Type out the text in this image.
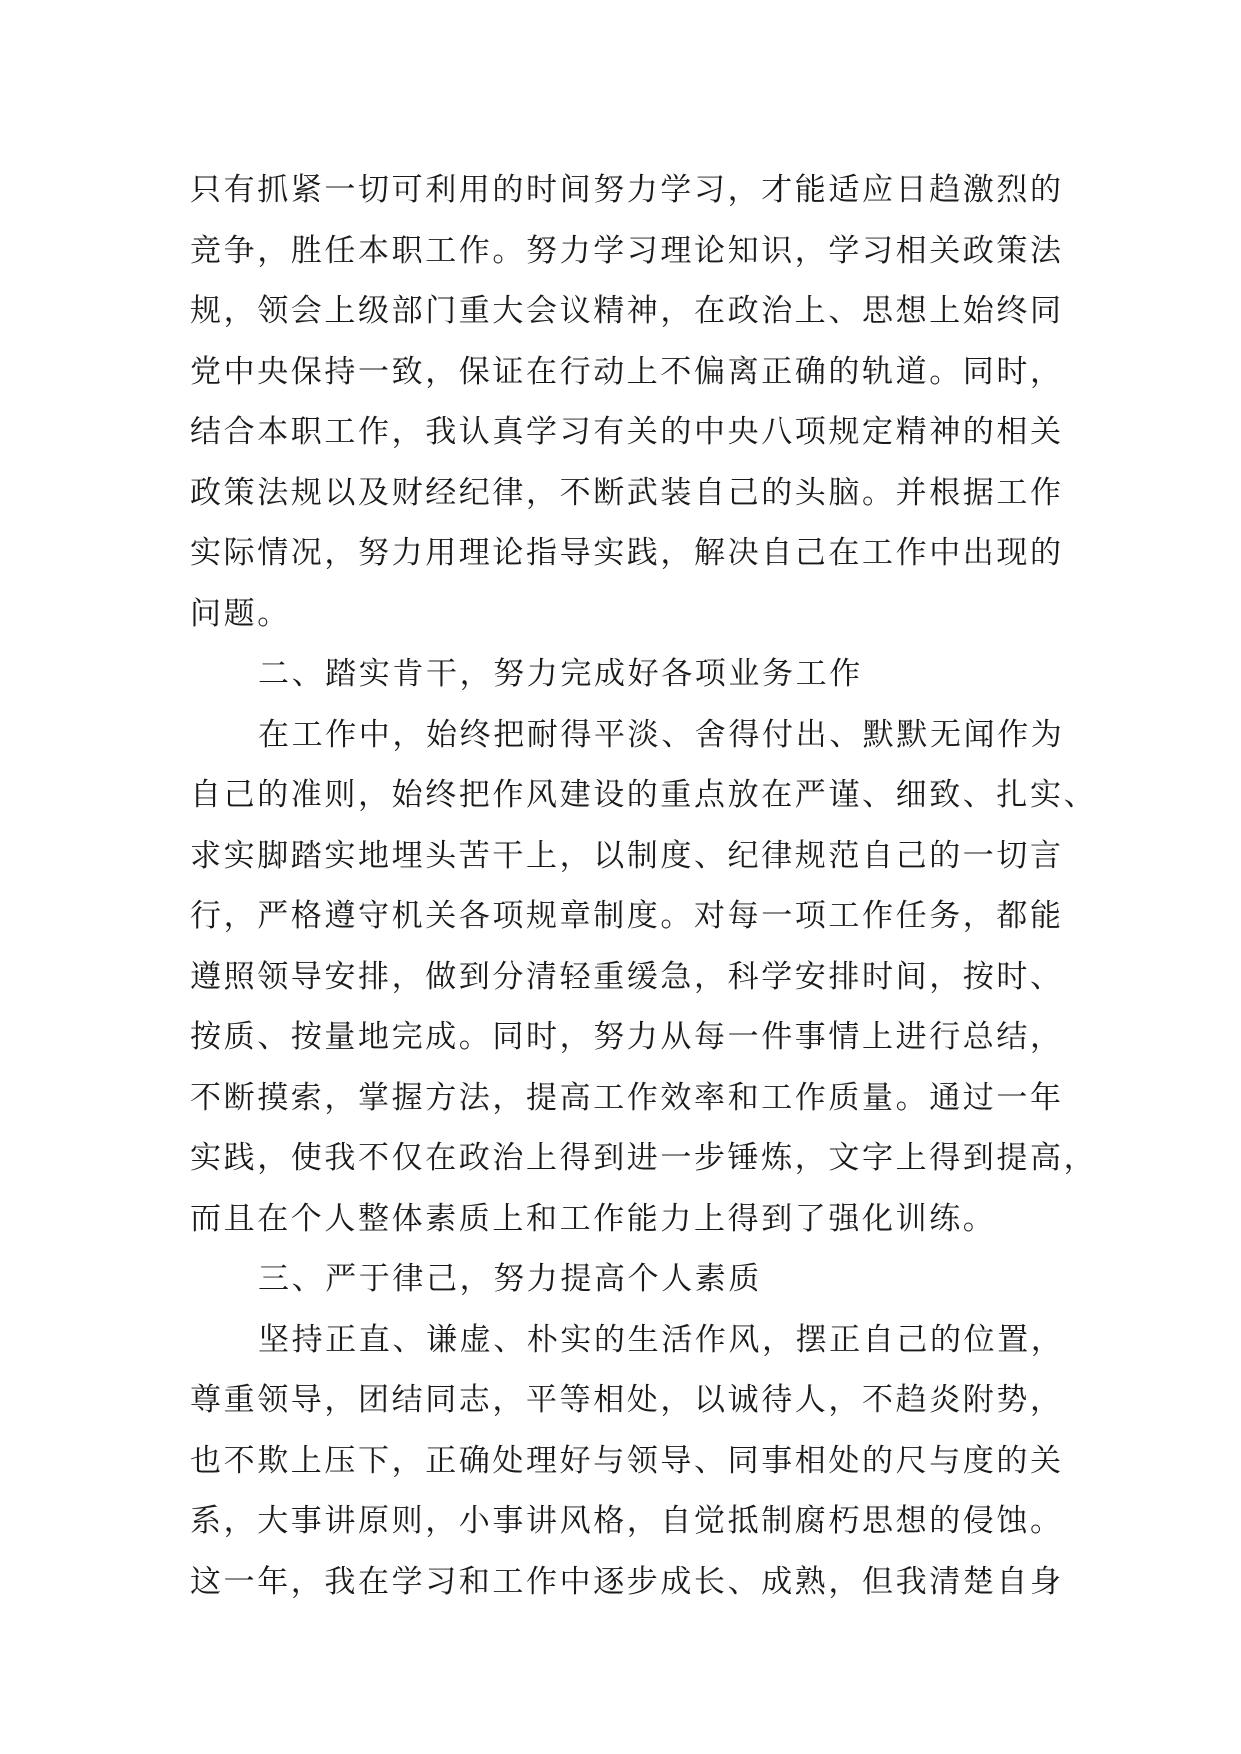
只有抓紧一切可利用的时间努力学习，才能适应日趋激烈的
竞争，胜任本职工作。努力学习理论知识，学习相关政策法
规，领会上级部门重大会议精神，在政治上、思想上始终同
党中央保持一致，保证在行动上不偏离正确的轨道。同时，
结合本职工作，我认真学习有关的中央八项规定精神的相关
政策法规以及财经纪律，不断武装自己的头脑。并根据工作
实际情况，努力用理论指导实践，解决自己在工作中出现的
问题。
二、踏实肯干，努力完成好各项业务工作
在工作中，始终把耐得平淡、舍得付出、默默无闻作为
自己的准则，始终把作风建设的重点放在严谨、细致、扎实、
求实脚踏实地埋头苦干上，以制度、纪律规范自己的一切言
行，严格遵守机关各项规章制度。对每一项工作任务，都能
遵照领导安排，做到分清轻重缓急，科学安排时间，按时、
按质、按量地完成。同时，努力从每一件事情上进行总结，
不断摸索，掌握方法，提高工作效率和工作质量。通过一年
实践，使我不仅在政治上得到进一步锤炼，文字上得到提高，
而且在个人整体素质上和工作能力上得到了强化训练。
三、严于律己，努力提高个人素质
坚持正直、谦虚、朴实的生活作风，摆正自己的位置，
尊重领导，团结同志，平等相处，以诚待人，不趋炎附势，
也不欺上压下，正确处理好与领导、同事相处的尺与度的关
系，大事讲原则，小事讲风格，自觉抵制腐朽思想的侵蚀。
这一年，我在学习和工作中逐步成长、成熟，但我清楚自身
